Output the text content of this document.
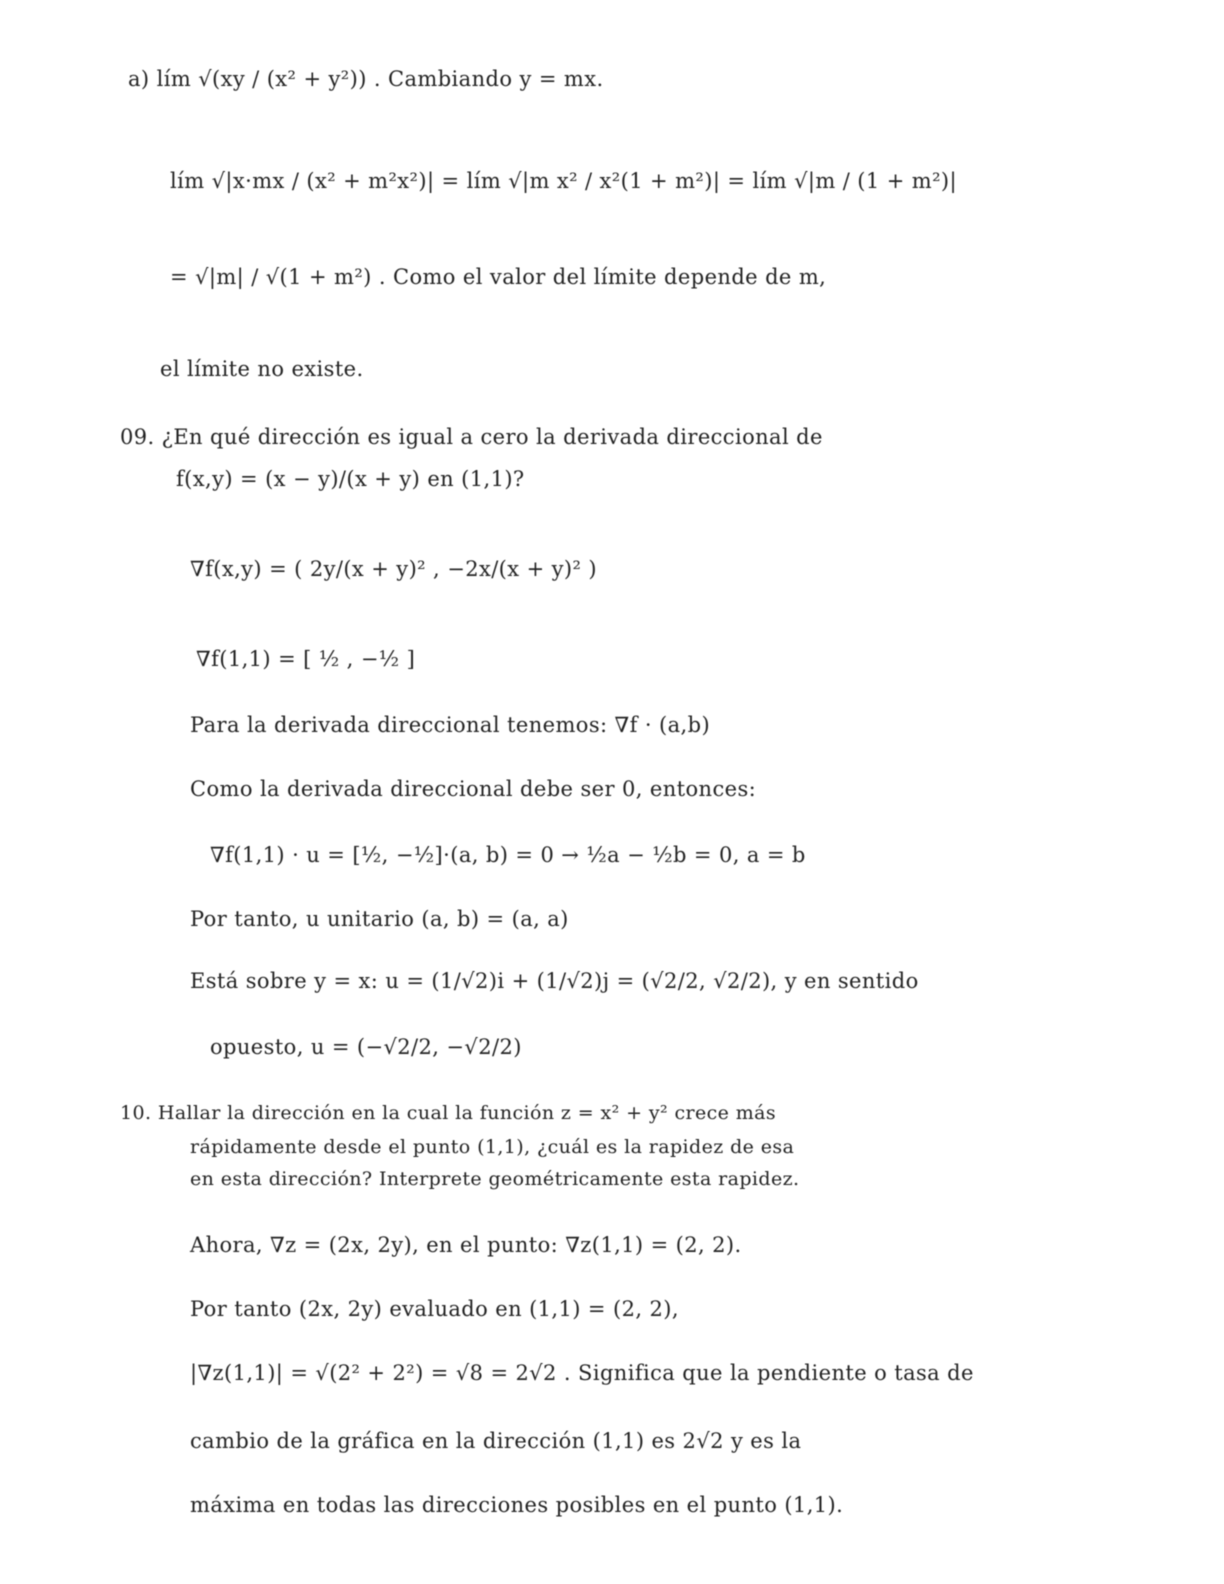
a) lím √(xy / (x² + y²)) . Cambiando y = mx.
lím √|x·mx / (x² + m²x²)| = lím √|m x² / x²(1 + m²)| = lím √|m / (1 + m²)|
= √|m| / √(1 + m²) . Como el valor del límite depende de m,
el límite no existe.
09. ¿En qué dirección es igual a cero la derivada direccional de
f(x,y) = (x − y)/(x + y) en (1,1)?
∇f(x,y) = ( 2y/(x + y)² , −2x/(x + y)² )
∇f(1,1) = [ ½ , −½ ]
Para la derivada direccional tenemos: ∇f · (a,b)
Como la derivada direccional debe ser 0, entonces:
∇f(1,1) · u = [½, −½]·(a, b) = 0 → ½a − ½b = 0, a = b
Por tanto, u unitario (a, b) = (a, a)
Está sobre y = x: u = (1/√2)i + (1/√2)j = (√2/2, √2/2), y en sentido
opuesto, u = (−√2/2, −√2/2)
10. Hallar la dirección en la cual la función z = x² + y² crece más
rápidamente desde el punto (1,1), ¿cuál es la rapidez de esa
en esta dirección? Interprete geométricamente esta rapidez.
Ahora, ∇z = (2x, 2y), en el punto: ∇z(1,1) = (2, 2).
Por tanto (2x, 2y) evaluado en (1,1) = (2, 2),
|∇z(1,1)| = √(2² + 2²) = √8 = 2√2 . Significa que la pendiente o tasa de
cambio de la gráfica en la dirección (1,1) es 2√2 y es la
máxima en todas las direcciones posibles en el punto (1,1).
